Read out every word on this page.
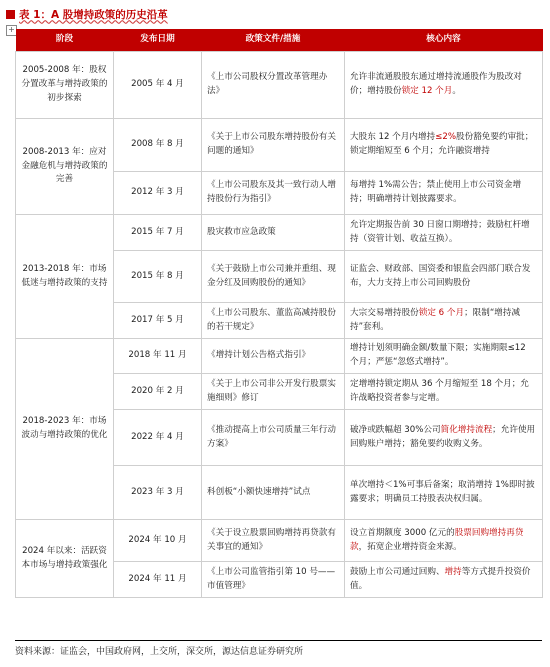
表 1：A 股增持政策的历史沿革
+
阶段	发布日期	政策文件/措施	核心内容
2005-2008 年：股权分置改革与增持政策的初步探索	2005 年 4 月	《上市公司股权分置改革管理办法》	允许非流通股股东通过增持流通股作为股改对价；增持股份锁定 12 个月。
2008-2013 年：应对金融危机与增持政策的完善	2008 年 8 月	《关于上市公司股东增持股份有关问题的通知》	大股东 12 个月内增持≤2%股份豁免要约审批；锁定期缩短至 6 个月；允许融资增持
	2012 年 3 月	《上市公司股东及其一致行动人增持股份行为指引》	每增持 1%需公告；禁止使用上市公司资金增持；明确增持计划披露要求。
2013-2018 年：市场低迷与增持政策的支持	2015 年 7 月	股灾救市应急政策	允许定期报告前 30 日窗口期增持；鼓励杠杆增持（资管计划、收益互换）。
	2015 年 8 月	《关于鼓励上市公司兼并重组、现金分红及回购股份的通知》	证监会、财政部、国资委和银监会四部门联合发布，大力支持上市公司回购股份
	2017 年 5 月	《上市公司股东、董监高减持股份的若干规定》	大宗交易增持股份锁定 6 个月；限制“增持减持”套利。
2018-2023 年：市场波动与增持政策的优化	2018 年 11 月	《增持计划公告格式指引》	增持计划须明确金额/数量下限；实施期限≤12 个月；严惩“忽悠式增持”。
	2020 年 2 月	《关于上市公司非公开发行股票实施细则》修订	定增增持锁定期从 36 个月缩短至 18 个月；允许战略投资者参与定增。
	2022 年 4 月	《推动提高上市公司质量三年行动方案》	破净或跌幅超 30%公司简化增持流程；允许使用回购账户增持；豁免要约收购义务。
	2023 年 3 月	科创板“小额快速增持”试点	单次增持＜1%可事后备案；取消增持 1%即时披露要求；明确员工持股表决权归属。
2024 年以来：活跃资本市场与增持政策强化	2024 年 10 月	《关于设立股票回购增持再贷款有关事宜的通知》	设立首期额度 3000 亿元的股票回购增持再贷款，拓宽企业增持资金来源。
	2024 年 11 月	《上市公司监管指引第 10 号——市值管理》	鼓励上市公司通过回购、增持等方式提升投资价值。
资料来源：证监会，中国政府网，上交所，深交所，源达信息证券研究所
